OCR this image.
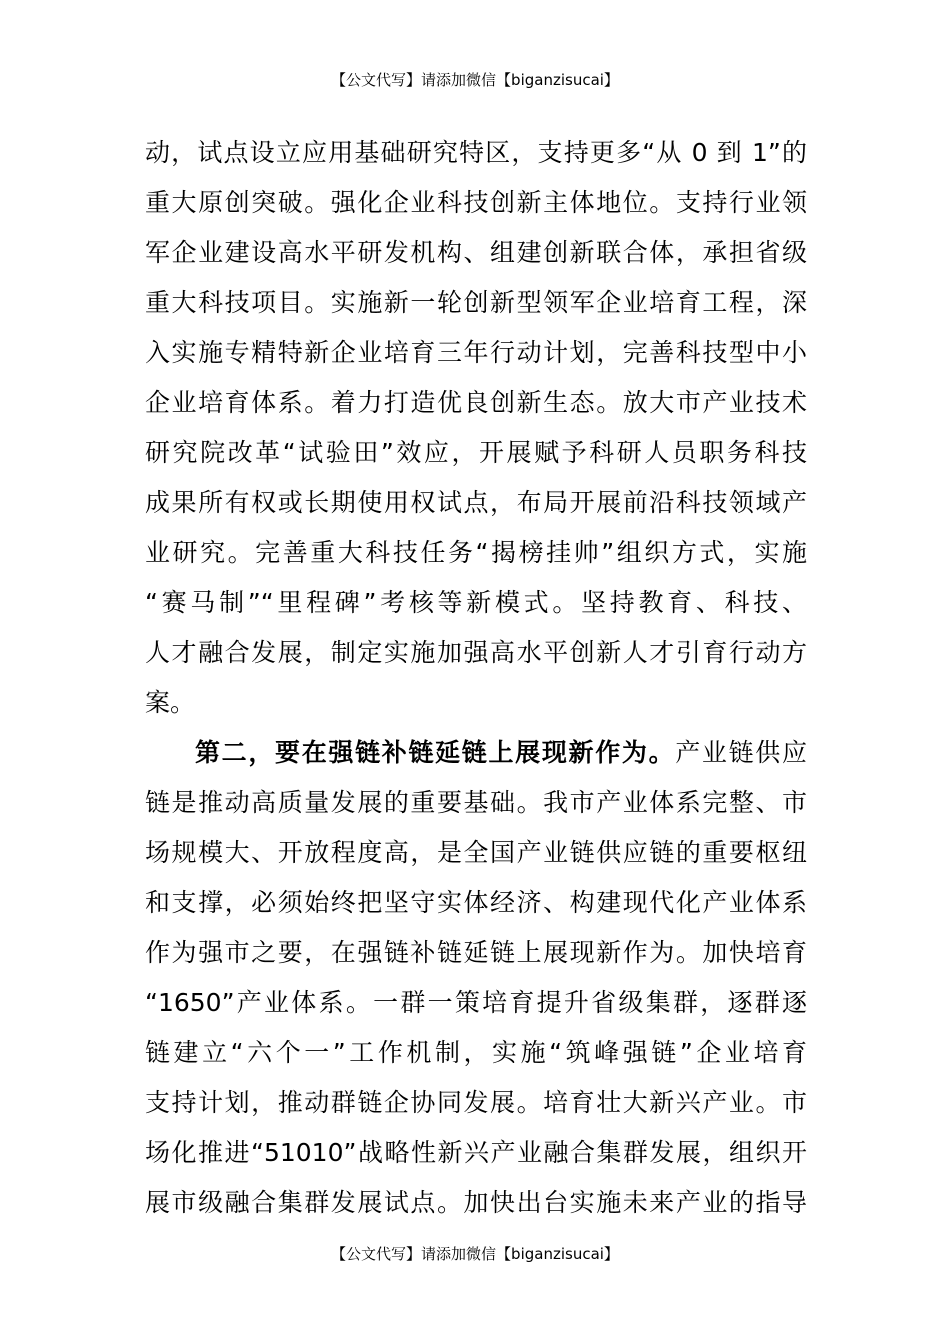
【公文代写】请添加微信【biganzisucai】
动，试点设立应用基础研究特区，支持更多“从 0 到 1”的
重大原创突破。强化企业科技创新主体地位。支持行业领
军企业建设高水平研发机构、组建创新联合体，承担省级
重大科技项目。实施新一轮创新型领军企业培育工程，深
入实施专精特新企业培育三年行动计划，完善科技型中小
企业培育体系。着力打造优良创新生态。放大市产业技术
研究院改革“试验田”效应，开展赋予科研人员职务科技
成果所有权或长期使用权试点，布局开展前沿科技领域产
业研究。完善重大科技任务“揭榜挂帅”组织方式，实施
“赛马制”“里程碑”考核等新模式。坚持教育、科技、
人才融合发展，制定实施加强高水平创新人才引育行动方
案。
第二，要在强链补链延链上展现新作为。产业链供应
链是推动高质量发展的重要基础。我市产业体系完整、市
场规模大、开放程度高，是全国产业链供应链的重要枢纽
和支撑，必须始终把坚守实体经济、构建现代化产业体系
作为强市之要，在强链补链延链上展现新作为。加快培育
“1650”产业体系。一群一策培育提升省级集群，逐群逐
链建立“六个一”工作机制，实施“筑峰强链”企业培育
支持计划，推动群链企协同发展。培育壮大新兴产业。市
场化推进“51010”战略性新兴产业融合集群发展，组织开
展市级融合集群发展试点。加快出台实施未来产业的指导
【公文代写】请添加微信【biganzisucai】
